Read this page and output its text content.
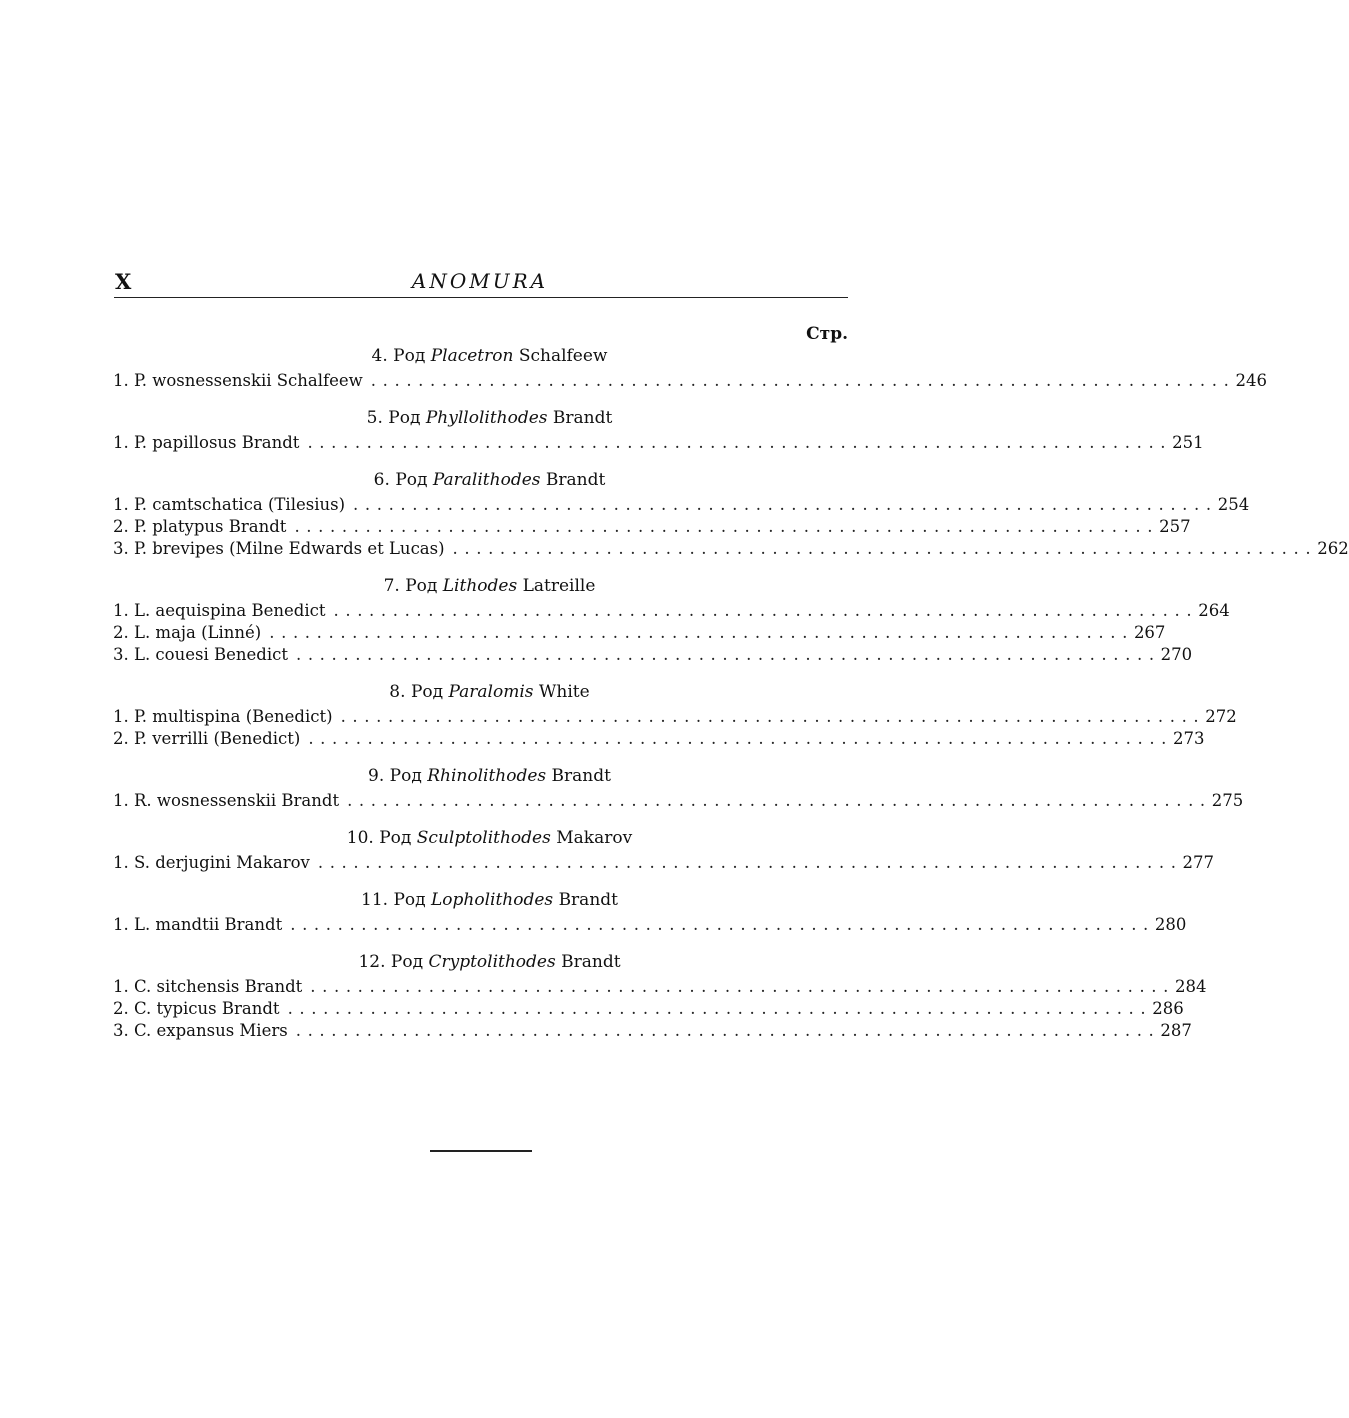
X	ANOMURA
Стр.
4. Род Placetron Schalfeew
1. P. wosnessenskii Schalfeew ......................................................................... 246
5. Род Phyllolithodes Brandt
1. P. papillosus Brandt ......................................................................... 251
6. Род Paralithodes Brandt
1. P. camtschatica (Tilesius) ......................................................................... 254
2. P. platypus Brandt ......................................................................... 257
3. P. brevipes (Milne Edwards et Lucas) ......................................................................... 262
7. Род Lithodes Latreille
1. L. aequispina Benedict ......................................................................... 264
2. L. maja (Linné) ......................................................................... 267
3. L. couesi Benedict ......................................................................... 270
8. Род Paralomis White
1. P. multispina (Benedict) ......................................................................... 272
2. P. verrilli (Benedict) ......................................................................... 273
9. Род Rhinolithodes Brandt
1. R. wosnessenskii Brandt ......................................................................... 275
10. Род Sculptolithodes Makarov
1. S. derjugini Makarov ......................................................................... 277
11. Род Lopholithodes Brandt
1. L. mandtii Brandt ......................................................................... 280
12. Род Cryptolithodes Brandt
1. C. sitchensis Brandt ......................................................................... 284
2. C. typicus Brandt ......................................................................... 286
3. C. expansus Miers ......................................................................... 287
